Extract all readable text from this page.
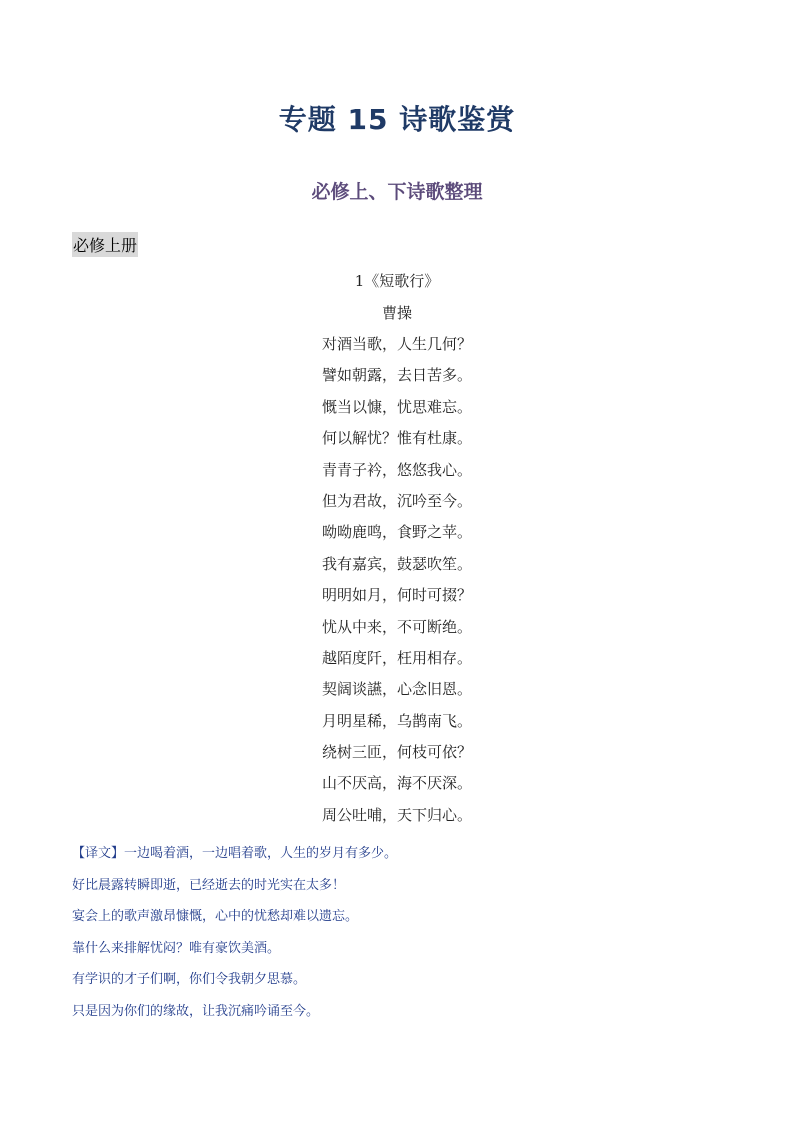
专题 15 诗歌鉴赏
必修上、下诗歌整理
必修上册
1《短歌行》
曹操
对酒当歌，人生几何？
譬如朝露，去日苦多。
慨当以慷，忧思难忘。
何以解忧？惟有杜康。
青青子衿，悠悠我心。
但为君故，沉吟至今。
呦呦鹿鸣，食野之苹。
我有嘉宾，鼓瑟吹笙。
明明如月，何时可掇？
忧从中来，不可断绝。
越陌度阡，枉用相存。
契阔谈讌，心念旧恩。
月明星稀，乌鹊南飞。
绕树三匝，何枝可依？
山不厌高，海不厌深。
周公吐哺，天下归心。
【译文】一边喝着酒，一边唱着歌，人生的岁月有多少。
好比晨露转瞬即逝，已经逝去的时光实在太多！
宴会上的歌声激昂慷慨，心中的忧愁却难以遗忘。
靠什么来排解忧闷？唯有豪饮美酒。
有学识的才子们啊，你们令我朝夕思慕。
只是因为你们的缘故，让我沉痛吟诵至今。
